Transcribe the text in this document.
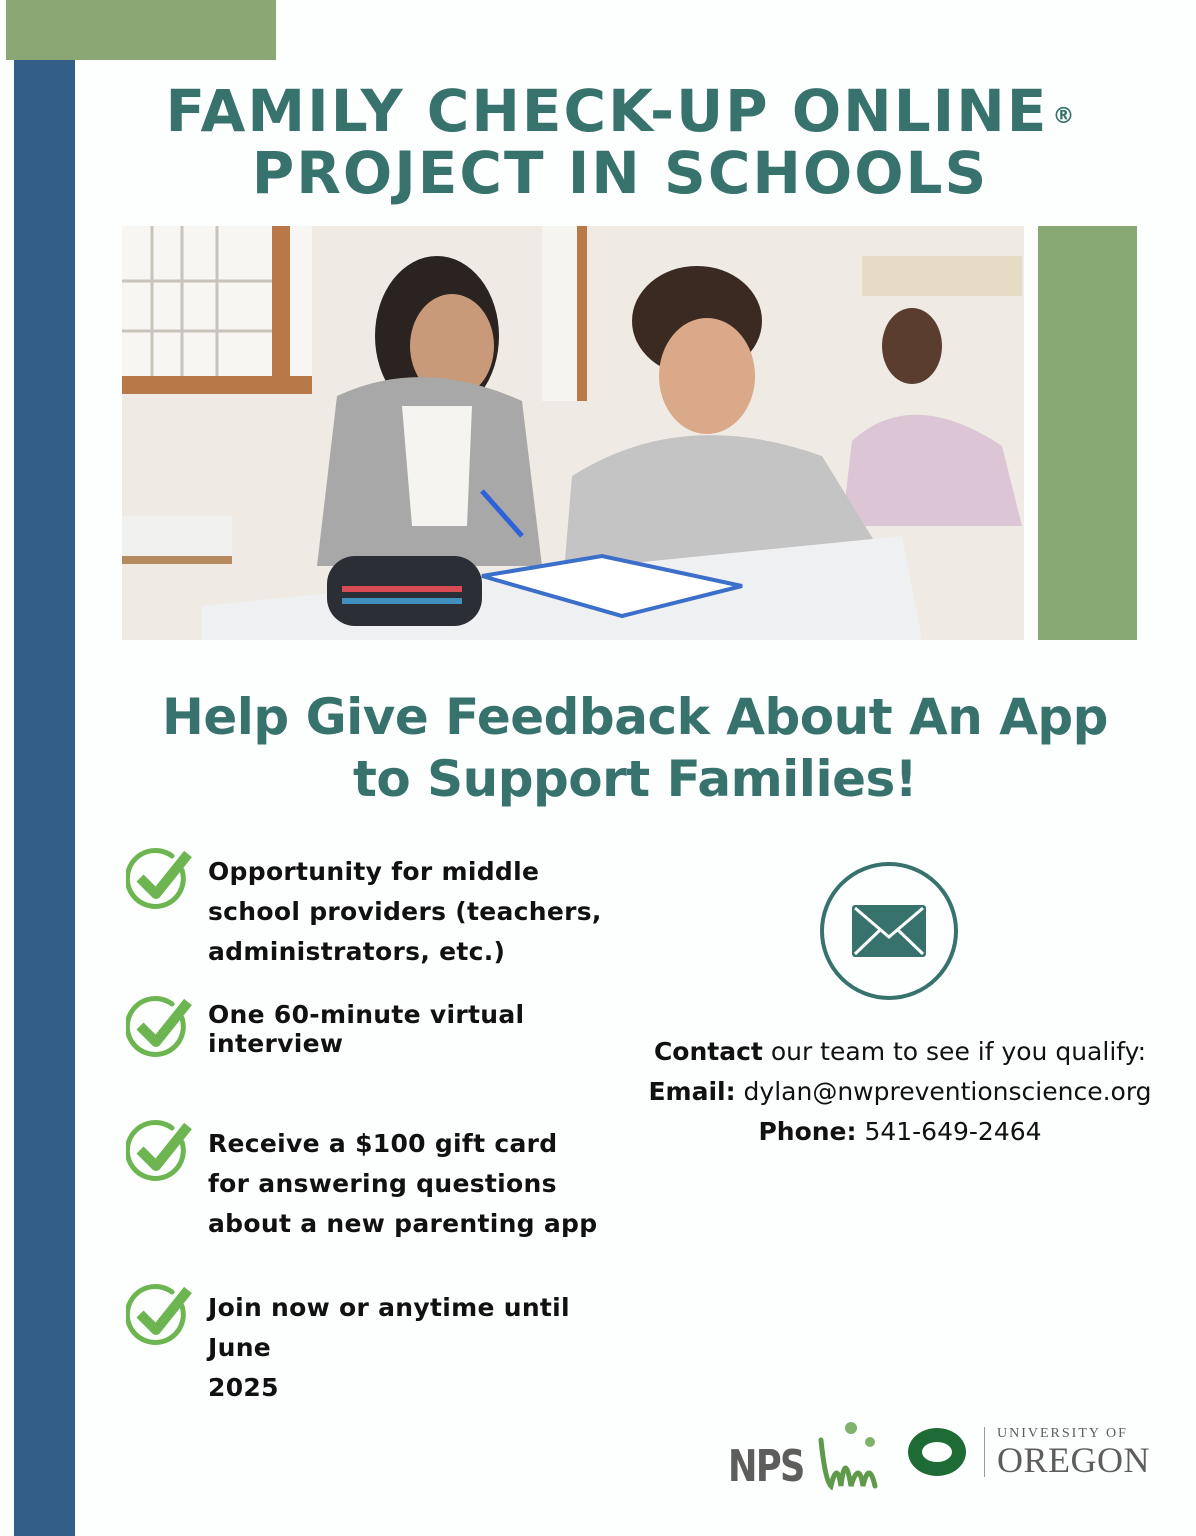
FAMILY CHECK-UP ONLINE ®
PROJECT IN SCHOOLS
Help Give Feedback About An App
to Support Families!
Opportunity for middle
school providers (teachers,
administrators, etc.)
One 60-minute virtual
interview
Receive a $100 gift card
for answering questions
about a new parenting app
Join now or anytime until June
2025
Contact our team to see if you qualify:
Email: dylan@nwpreventionscience.org
Phone: 541-649-2464
NPS
UNIVERSITY OF
OREGON
